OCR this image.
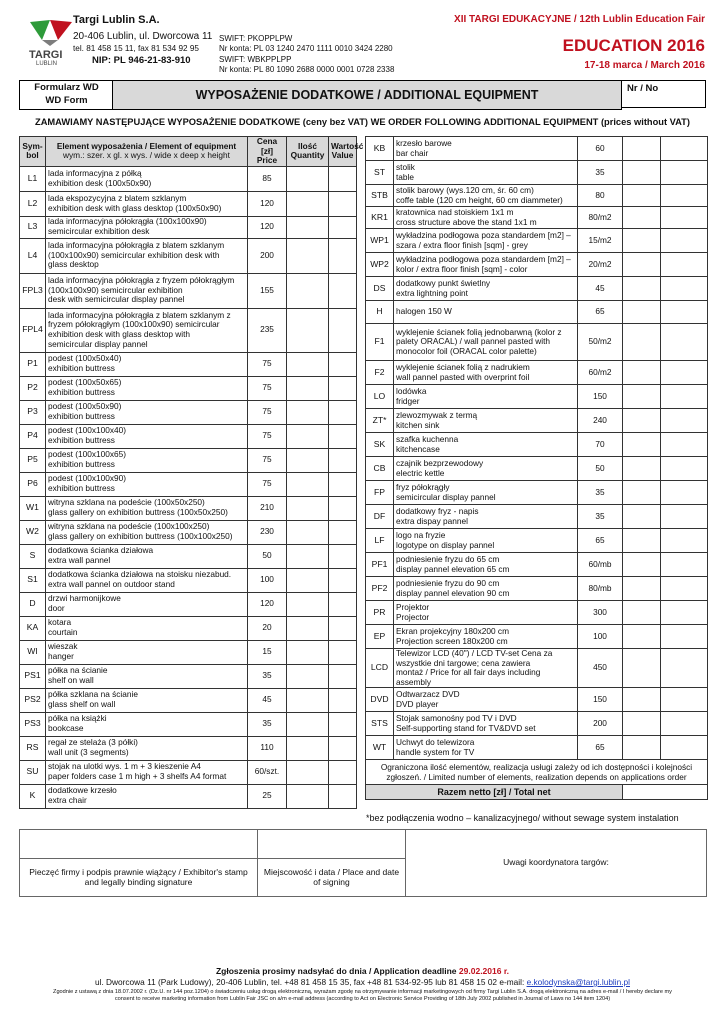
TARGI
LUBLIN
Targi Lublin S.A.
20-406 Lublin, ul. Dworcowa 11
tel. 81 458 15 11, fax 81 534 92 95
NIP: PL 946-21-83-910
SWIFT: PKOPPLPW
Nr konta: PL 03 1240 2470 1111 0010 3424 2280
SWIFT: WBKPPLPP
Nr konta: PL 80 1090 2688 0000 0001 0728 2338
XII TARGI EDUKACYJNE / 12th Lublin Education Fair
EDUCATION 2016
17-18 marca / March 2016
Formularz WD
WD Form	WYPOSAŻENIE DODATKOWE / ADDITIONAL EQUIPMENT	Nr / No
ZAMAWIAMY NASTĘPUJĄCE WYPOSAŻENIE DODATKOWE (ceny bez VAT) WE ORDER FOLLOWING ADDITIONAL EQUIPMENT (prices without VAT)
Sym-bol	Element wyposażenia / Element of equipment
wym.: szer. x gl. x wys. / wide x deep x height	Cena [zł] Price	Ilość Quantity	Wartość Value
L1	lada informacyjna z półką
exhibition desk (100x50x90)	85		
L2	lada ekspozycyjna z blatem szklanym
exhibition desk with glass desktop (100x50x90)	120		
L3	lada informacyjna półokrągła (100x100x90)
semicircular exhibition desk	120		
L4	lada informacyjna półokrągła z blatem szklanym (100x100x90) semicircular exhibition desk with
glass desktop	200		
FPL3	lada informacyjna półokrągła z fryzem półokrągłym (100x100x90) semicircular exhibition
desk with semicircular display pannel	155		
FPL4	lada informacyjna półokrągła z blatem szklanym z fryzem półokrągłym (100x100x90) semicircular exhibition desk with glass desktop with
semicircular display pannel	235		
P1	podest (100x50x40)
exhibition buttress	75		
P2	podest (100x50x65)
exhibition buttress	75		
P3	podest (100x50x90)
exhibition buttress	75		
P4	podest (100x100x40)
exhibition buttress	75		
P5	podest (100x100x65)
exhibition buttress	75		
P6	podest (100x100x90)
exhibition buttress	75		
W1	witryna szklana na podeście (100x50x250)
glass gallery on exhibition buttress (100x50x250)	210		
W2	witryna szklana na podeście (100x100x250)
glass gallery on exhibition buttress (100x100x250)	230		
S	dodatkowa ścianka działowa
extra wall pannel	50		
S1	dodatkowa ścianka działowa na stoisku niezabud.
extra wall pannel on outdoor stand	100		
D	drzwi harmonijkowe
door	120		
KA	kotara
courtain	20		
WI	wieszak
hanger	15		
PS1	półka na ścianie
shelf on wall	35		
PS2	półka szklana na ścianie
glass shelf on wall	45		
PS3	półka na książki
bookcase	35		
RS	regał ze stelaża (3 półki)
wall unit (3 segments)	110		
SU	stojak na ulotki wys. 1 m + 3 kieszenie A4
paper folders case 1 m high + 3 shelfs A4 format	60/szt.		
K	dodatkowe krzesło
extra chair	25		
KB	krzesło barowe
bar chair	60		
ST	stolik
table	35		
STB	stolik barowy (wys.120 cm, śr. 60 cm)
coffe table (120 cm height, 60 cm diammeter)	80		
KR1	kratownica nad stoiskiem 1x1 m
cross structure above the stand 1x1 m	80/m2		
WP1	wykładzina podłogowa poza standardem [m2] –
szara / extra floor finish [sqm] - grey	15/m2		
WP2	wykładzina podłogowa poza standardem [m2] –
kolor / extra floor finish [sqm] - color	20/m2		
DS	dodatkowy punkt świetlny
extra lightning point	45		
H	halogen 150 W	65		
F1	wyklejenie ścianek folią jednobarwną (kolor z palety ORACAL) / wall pannel pasted with
monocolor foil (ORACAL color palette)	50/m2		
F2	wyklejenie ścianek folią z nadrukiem
wall pannel pasted with overprint foil	60/m2		
LO	lodówka
fridger	150		
ZT*	zlewozmywak z termą
kitchen sink	240		
SK	szafka kuchenna
kitchencase	70		
CB	czajnik bezprzewodowy
electric kettle	50		
FP	fryz półokrągły
semicircular display pannel	35		
DF	dodatkowy fryz - napis
extra dispay pannel	35		
LF	logo na fryzie
logotype on display pannel	65		
PF1	podniesienie fryzu do 65 cm
display pannel elevation 65 cm	60/mb		
PF2	podniesienie fryzu do 90 cm
display pannel elevation 90 cm	80/mb		
PR	Projektor
Projector	300		
EP	Ekran projekcyjny 180x200 cm
Projection screen 180x200 cm	100		
LCD	Telewizor LCD (40") / LCD TV-set Cena za wszystkie dni targowe; cena zawiera
montaż / Price for all fair days including assembly	450		
DVD	Odtwarzacz DVD
DVD player	150		
STS	Stojak samonośny pod TV i DVD
Self-supporting stand for TV&DVD set	200		
WT	Uchwyt do telewizora
handle system for TV	65		
Ograniczona ilość elementów, realizacja usługi zależy od ich dostępności i kolejności zgłoszeń. / Limited number of elements, realization depends on applications order				
Razem netto [zł] / Total net				
*bez podłączenia wodno – kanalizacyjnego/ without sewage system instalation
		Uwagi koordynatora targów:
Pieczęć firmy i podpis prawnie wiążący / Exhibitor's stamp and legally binding signature	Miejscowość i data / Place and date of signing	
Zgłoszenia prosimy nadsyłać do dnia / Application deadline 29.02.2016 r.
ul. Dworcowa 11 (Park Ludowy), 20-406 Lublin, tel. +48 81 458 15 35, fax +48 81 534-92-95 lub 81 458 15 02 e-mail: e.kolodynska@targi.lublin.pl
Zgodnie z ustawą z dnia 18.07.2002 r. (Dz.U. nr 144 poz.1204) o świadczeniu usług drogą elektroniczną, wyrażam zgodę na otrzymywanie informacji marketingowych od firmy Targi Lublin S.A. drogą elektroniczną na adres e-mail / I hereby declare my
consent to receive marketing information from Lublin Fair JSC on a/m e-mail address (according to Act on Electronic Service Providing of 18th July 2002 published in Journal of Laws no 144 item 1204)
